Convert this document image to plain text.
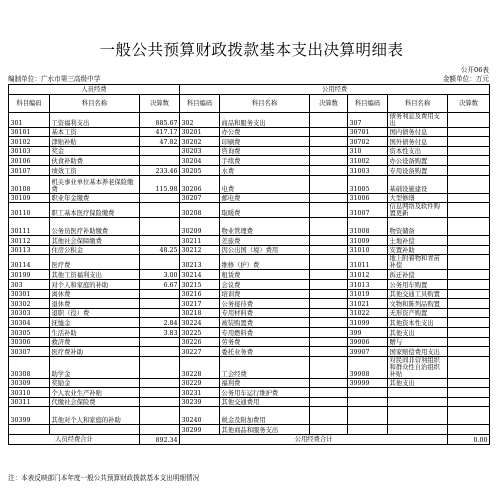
一般公共预算财政拨款基本支出决算明细表
公开06表
编制单位：广水市第三高级中学	金额单位：万元
人员经费			公用经费					
科目编码	科目名称	决算数	科目编码	科目名称	决算数	科目编码	科目名称	决算数
301	工资福利支出	885.67	302	商品和服务支出		307	债务利息及费用支出	
30101	基本工资	417.17	30201	办公费		30701	国内债务付息	
30102	津贴补贴	47.82	30202	印刷费		30702	国外债务付息	
30103	奖金		30203	咨询费		310	资本性支出	
30106	伙食补助费		30204	手续费		31002	办公设备购置	
30107	绩效工资	233.46	30205	水费		31003	专用设备购置	
30108	机关事业单位基本养老保险缴费	115.98	30206	电费		31005	基础设施建设	
30109	职业年金缴费		30207	邮电费		31006	大型修缮	
30110	职工基本医疗保险缴费		30208	取暖费		31007	信息网络及软件购置更新	
30111	公务员医疗补助缴费		30209	物业管理费		31008	物资储备	
30112	其他社会保障缴费		30211	差旅费		31009	土地补偿	
30113	住房公积金	48.25	30212	因公出国（境）费用		31010	安置补助	
30114	医疗费		30213	维修（护）费		31011	地上附着物和青苗补偿	
30199	其他工资福利支出	3.00	30214	租赁费		31012	拆迁补偿	
303	对个人和家庭的补助	6.67	30215	会议费		31013	公务用车购置	
30301	离休费		30216	培训费		31019	其他交通工具购置	
30302	退休费		30217	公务接待费		31021	文物和陈列品购置	
30303	退职（役）费		30218	专用材料费		31022	无形资产购置	
30304	抚恤金	2.84	30224	被装购置费		31099	其他资本性支出	
30305	生活补助	3.83	30225	专用燃料费		399	其他支出	
30306	救济费		30226	劳务费		39906	赠与	
30307	医疗费补助		30227	委托业务费		39907	国家赔偿费用支出	
30308	助学金		30228	工会经费		39908	对民间非营利组织和群众性自治组织补贴	
30309	奖励金		30229	福利费		39999	其他支出	
30310	个人农业生产补贴		30231	公务用车运行维护费				
30311	代缴社会保险费		30239	其他交通费用				
30399	其他对个人和家庭的补助		30240	税金及附加费用				
			30299	其他商品和服务支出				
人员经费合计		892.34	公用经费合计					0.00
注：本表反映部门本年度一般公共预算财政拨款基本支出明细情况
